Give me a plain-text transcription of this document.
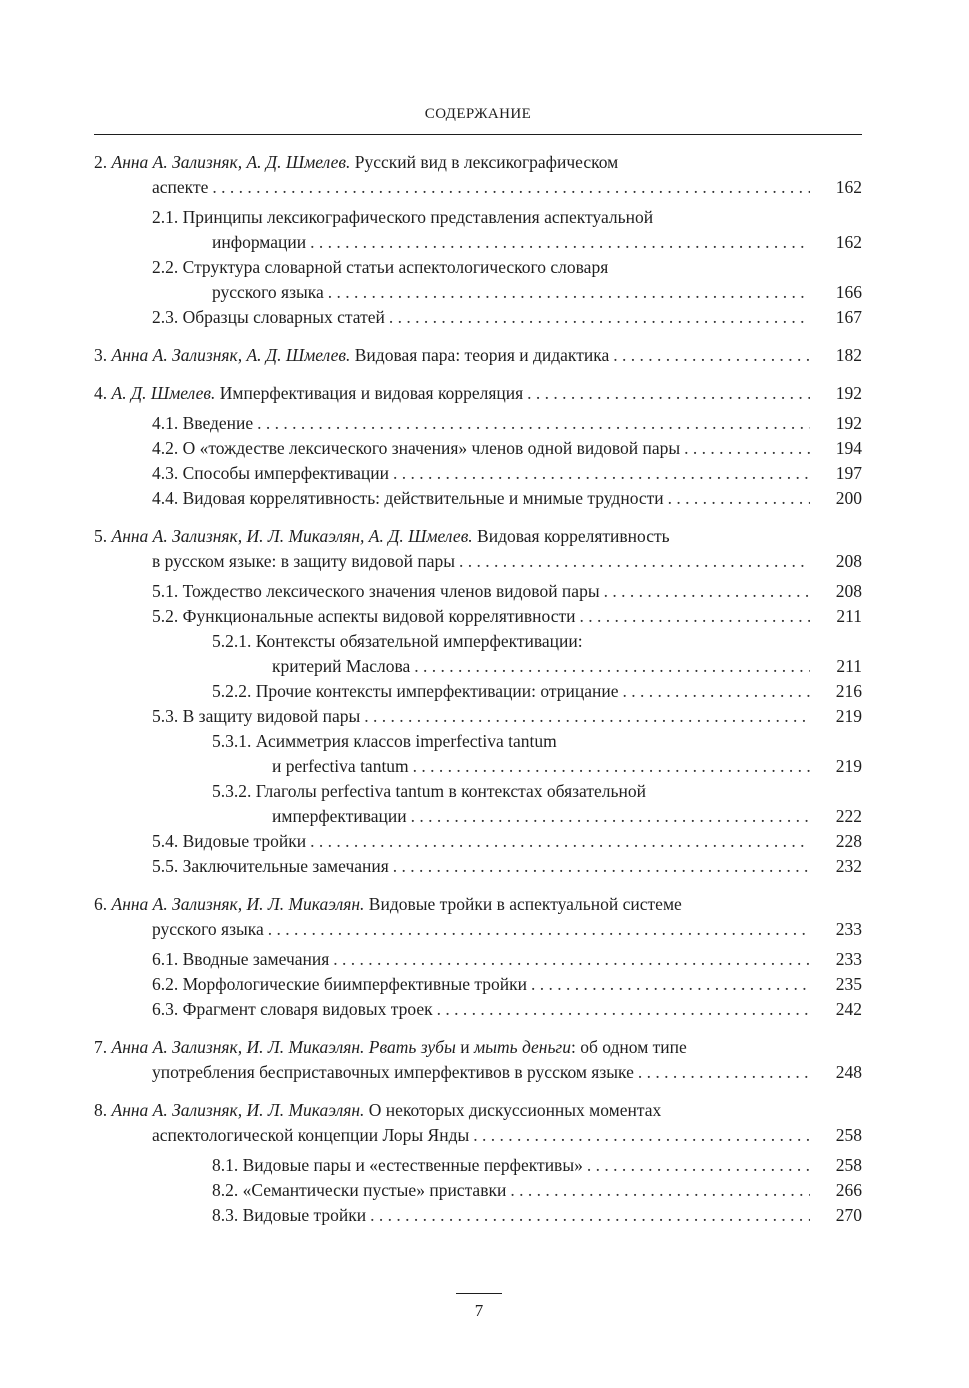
СОДЕРЖАНИЕ
2. Анна А. Зализняк, А. Д. Шмелев. Русский вид в лексикографическом
аспекте . . .	162
2.1. Принципы лексикографического представления аспектуальной
информации . . .	162
2.2. Структура словарной статьи аспектологического словаря
русского языка . . .	166
2.3. Образцы словарных статей . . .	167
3. Анна А. Зализняк, А. Д. Шмелев. Видовая пара: теория и дидактика . . .	182
4. А. Д. Шмелев. Имперфективация и видовая корреляция . . .	192
4.1. Введение . . .	192
4.2. О «тождестве лексического значения» членов одной видовой пары . . .	194
4.3. Способы имперфективации . . .	197
4.4. Видовая коррелятивность: действительные и мнимые трудности . . .	200
5. Анна А. Зализняк, И. Л. Микаэлян, А. Д. Шмелев. Видовая коррелятивность
в русском языке: в защиту видовой пары . . .	208
5.1. Тождество лексического значения членов видовой пары . . .	208
5.2. Функциональные аспекты видовой коррелятивности . . .	211
5.2.1. Контексты обязательной имперфективации:
критерий Маслова . . .	211
5.2.2. Прочие контексты имперфективации: отрицание . . .	216
5.3. В защиту видовой пары . . .	219
5.3.1. Асимметрия классов imperfectiva tantum
и perfectiva tantum . . .	219
5.3.2. Глаголы perfectiva tantum в контекстах обязательной
имперфективации . . .	222
5.4. Видовые тройки . . .	228
5.5. Заключительные замечания . . .	232
6. Анна А. Зализняк, И. Л. Микаэлян. Видовые тройки в аспектуальной системе
русского языка . . .	233
6.1. Вводные замечания . . .	233
6.2. Морфологические биимперфективные тройки . . .	235
6.3. Фрагмент словаря видовых троек . . .	242
7. Анна А. Зализняк, И. Л. Микаэлян. Рвать зубы и мыть деньги: об одном типе
употребления бесприставочных имперфективов в русском языке . . .	248
8. Анна А. Зализняк, И. Л. Микаэлян. О некоторых дискуссионных моментах
аспектологической концепции Лоры Янды . . .	258
8.1. Видовые пары и «естественные перфективы» . . .	258
8.2. «Семантически пустые» приставки . . .	266
8.3. Видовые тройки . . .	270
7
